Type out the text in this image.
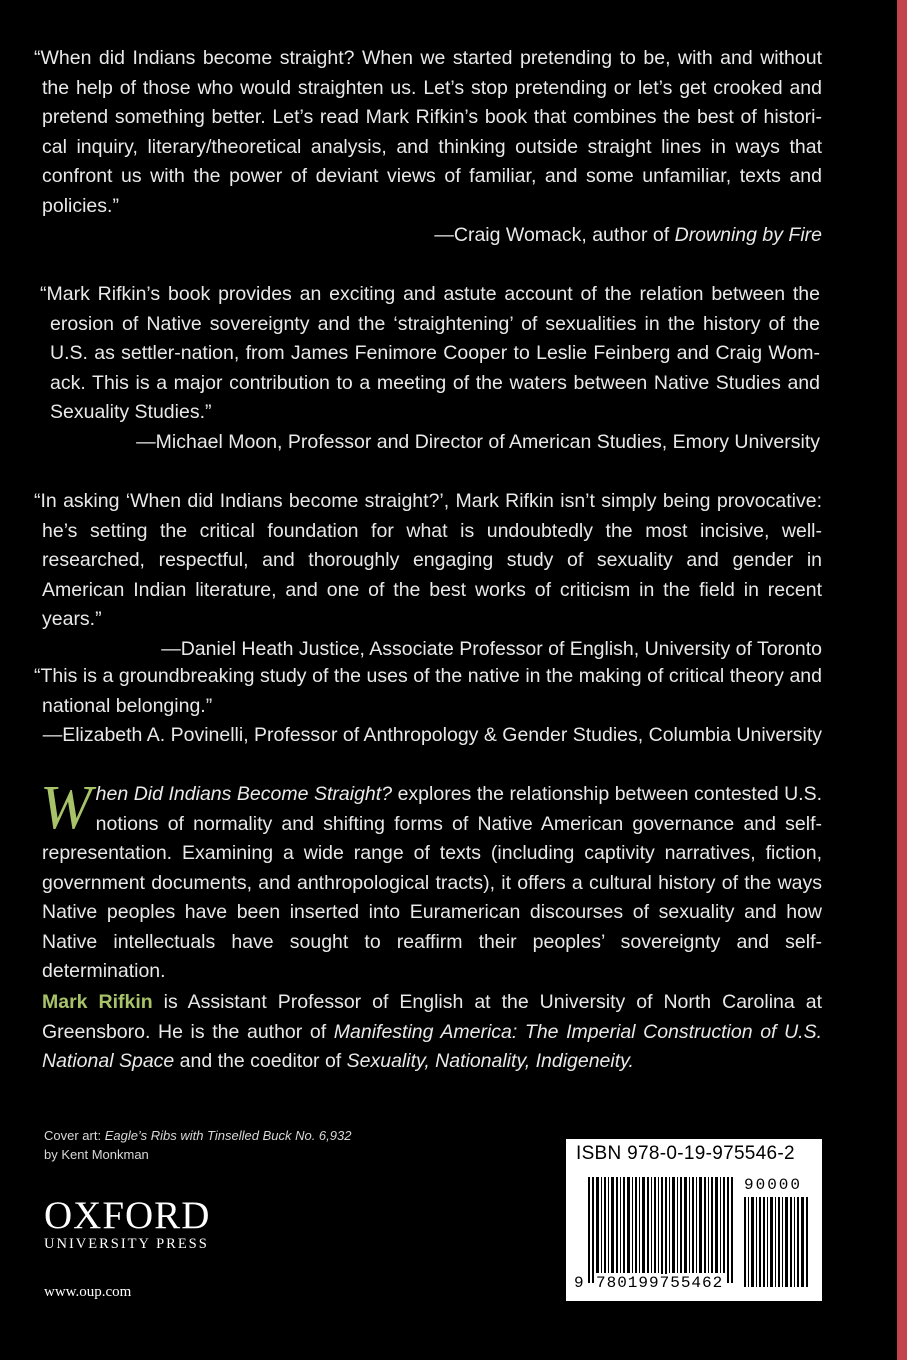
“When did Indians become straight? When we started pretending to be, with and without the help of those who would straighten us. Let’s stop pretending or let’s get crooked and pretend something better. Let’s read Mark Rifkin’s book that combines the best of historical inquiry, literary/theoretical analysis, and thinking outside straight lines in ways that confront us with the power of deviant views of familiar, and some unfamiliar, texts and policies.”
—Craig Womack, author of Drowning by Fire
“Mark Rifkin’s book provides an exciting and astute account of the relation between the erosion of Native sovereignty and the ‘straightening’ of sexualities in the history of the U.S. as settler-nation, from James Fenimore Cooper to Leslie Feinberg and Craig Womack. This is a major contribution to a meeting of the waters between Native Studies and Sexuality Studies.”
—Michael Moon, Professor and Director of American Studies, Emory University
“In asking ‘When did Indians become straight?’, Mark Rifkin isn’t simply being provocative: he’s setting the critical foundation for what is undoubtedly the most incisive, well-researched, respectful, and thoroughly engaging study of sexuality and gender in American Indian literature, and one of the best works of criticism in the field in recent years.”
—Daniel Heath Justice, Associate Professor of English, University of Toronto
“This is a groundbreaking study of the uses of the native in the making of critical theory and national belonging.”
—Elizabeth A. Povinelli, Professor of Anthropology & Gender Studies, Columbia University
When Did Indians Become Straight? explores the relationship between contested U.S. notions of normality and shifting forms of Native American governance and self-representation. Examining a wide range of texts (including captivity narratives, fiction, government documents, and anthropological tracts), it offers a cultural history of the ways Native peoples have been inserted into Euramerican discourses of sexuality and how Native intellectuals have sought to reaffirm their peoples’ sovereignty and self-determination.
Mark Rifkin is Assistant Professor of English at the University of North Carolina at Greensboro. He is the author of Manifesting America: The Imperial Construction of U.S. National Space and the coeditor of Sexuality, Nationality, Indigeneity.
Cover art: Eagle’s Ribs with Tinselled Buck No. 6,932
by Kent Monkman
OXFORD
UNIVERSITY PRESS
www.oup.com
ISBN 978-0-19-975546-2
9 780199755462
90000
